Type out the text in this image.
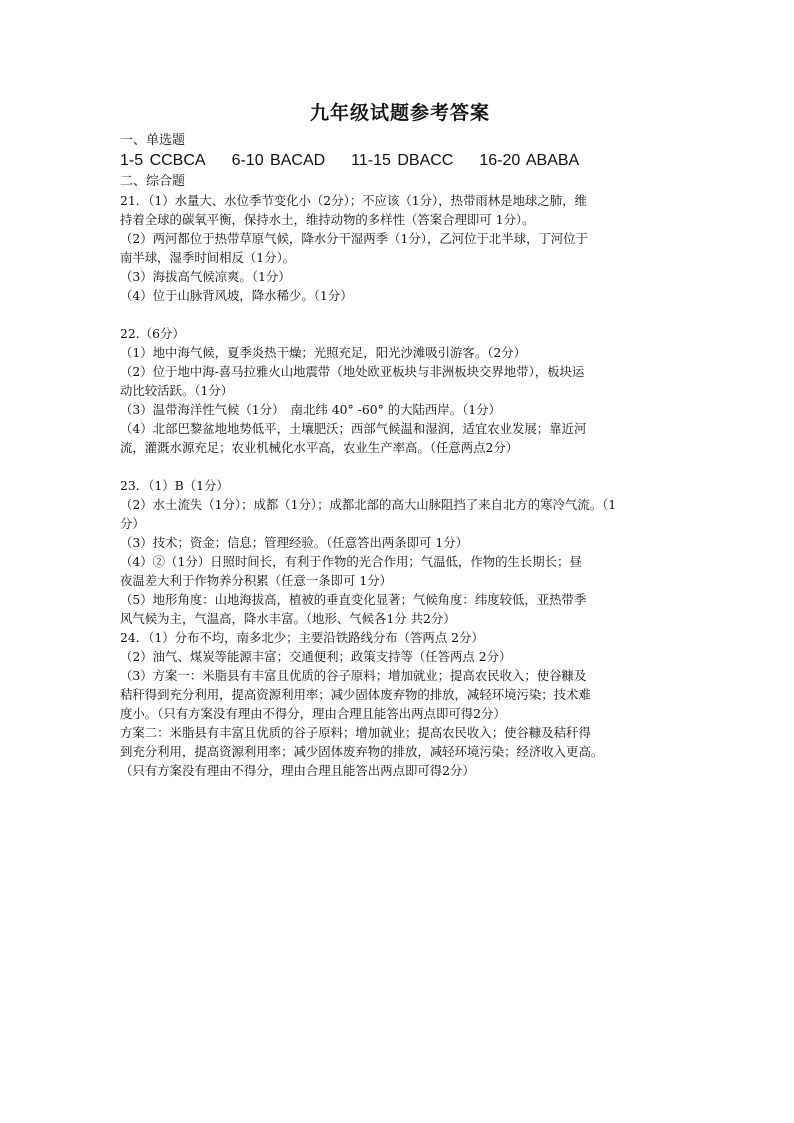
九年级试题参考答案
一、单选题
1-5 CCBCA 6-10 BACAD 11-15 DBACC 16-20 ABABA
二、综合题
21．（1）水量大、水位季节变化小（2分）；不应该（1分），热带雨林是地球之肺，维
持着全球的碳氧平衡，保持水土，维持动物的多样性（答案合理即可 1分）。
（2）两河都位于热带草原气候，降水分干湿两季（1分），乙河位于北半球，丁河位于
南半球，湿季时间相反（1分）。
（3）海拔高气候凉爽。（1分）
（4）位于山脉背风坡，降水稀少。（1分）
22.（6分）
（1）地中海气候，夏季炎热干燥；光照充足，阳光沙滩吸引游客。（2分）
（2）位于地中海-喜马拉雅火山地震带（地处欧亚板块与非洲板块交界地带），板块运
动比较活跃。（1分）
（3）温带海洋性气候（1分）　南北纬 40° -60° 的大陆西岸。（1分）
（4）北部巴黎盆地地势低平，土壤肥沃；西部气候温和湿润，适宜农业发展；靠近河
流，灌溉水源充足；农业机械化水平高，农业生产率高。（任意两点2分）
23．（1）B（1分）
（2）水土流失（1分）；成都（1分）；成都北部的高大山脉阻挡了来自北方的寒冷气流。（1
分）
（3）技术；资金；信息；管理经验。（任意答出两条即可 1分）
（4）②（1分）日照时间长，有利于作物的光合作用；气温低，作物的生长期长；昼
夜温差大利于作物养分积累（任意一条即可 1分）
（5）地形角度：山地海拔高，植被的垂直变化显著；气候角度：纬度较低，亚热带季
风气候为主，气温高，降水丰富。（地形、气候各1分 共2分）
24．（1）分布不均，南多北少；主要沿铁路线分布（答两点 2分）
（2）油气、煤炭等能源丰富；交通便利；政策支持等（任答两点 2分）
（3）方案一：米脂县有丰富且优质的谷子原料；增加就业；提高农民收入；使谷糠及
秸秆得到充分利用，提高资源利用率；减少固体废弃物的排放，减轻环境污染；技术难
度小。（只有方案没有理由不得分，理由合理且能答出两点即可得2分）
方案二：米脂县有丰富且优质的谷子原料；增加就业；提高农民收入；使谷糠及秸秆得
到充分利用，提高资源利用率；减少固体废弃物的排放，减轻环境污染；经济收入更高。
（只有方案没有理由不得分，理由合理且能答出两点即可得2分）
